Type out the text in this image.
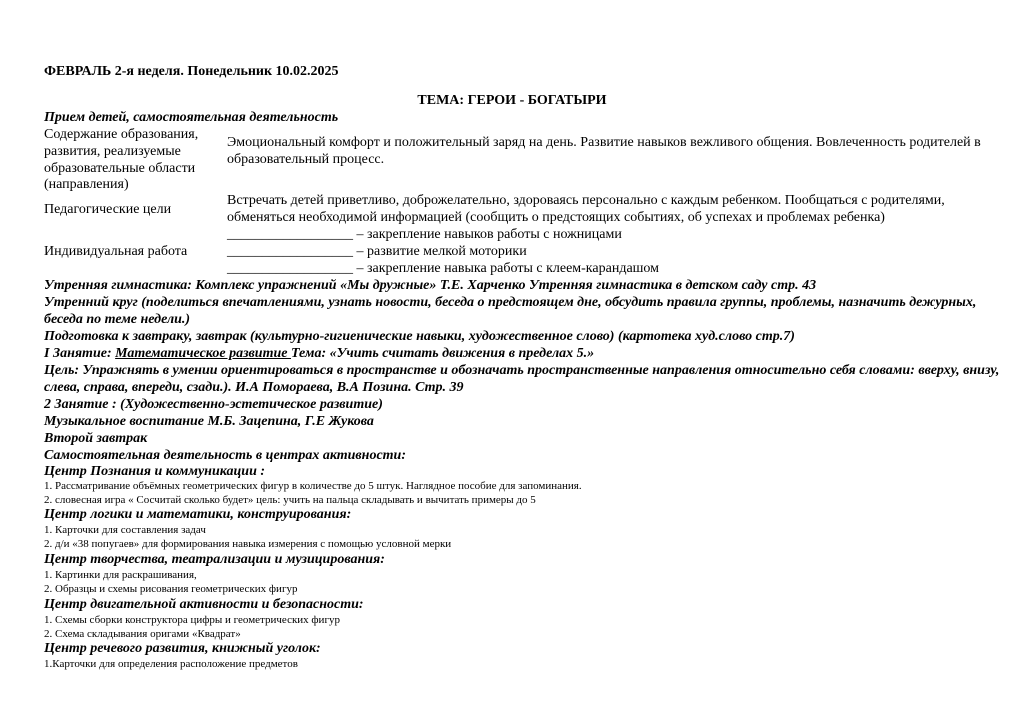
ФЕВРАЛЬ 2-я неделя. Понедельник 10.02.2025
ТЕМА: ГЕРОИ - БОГАТЫРИ
Прием детей, самостоятельная деятельность
Содержание образования, развития, реализуемые образовательные области (направления)
Эмоциональный комфорт и положительный заряд на день. Развитие навыков вежливого общения. Вовлеченность родителей в образовательный процесс.
Педагогические цели
Встречать детей приветливо, доброжелательно, здороваясь персонально с каждым ребенком. Пообщаться с родителями, обменяться необходимой информацией (сообщить о предстоящих событиях, об успехах и проблемах ребенка)
Индивидуальная работа
__________________ – закрепление навыков работы с ножницами
__________________ – развитие мелкой моторики
__________________ – закрепление навыка работы с клеем-карандашом
Утренняя гимнастика: Комплекс упражнений «Мы дружные» Т.Е. Харченко Утренняя гимнастика в детском саду стр. 43
Утренний круг (поделиться впечатлениями, узнать новости, беседа о предстоящем дне, обсудить правила группы, проблемы, назначить дежурных, беседа по теме недели.)
Подготовка к завтраку, завтрак (культурно-гигиенические навыки, художественное слово) (картотека худ.слово стр.7)
I Занятие: Математическое развитие Тема: «Учить считать движения в пределах 5.»
Цель: Упражнять в умении ориентироваться в пространстве и обозначать пространственные направления относительно себя словами: вверху, внизу, слева, справа, впереди, сзади.). И.А Помораева, В.А Позина. Стр. 39
2 Занятие : (Художественно-эстетическое развитие)
Музыкальное воспитание М.Б. Зацепина, Г.Е Жукова
Второй завтрак
Самостоятельная деятельность в центрах активности:
Центр Познания и коммуникации :
1. Рассматривание объёмных геометрических фигур в количестве до 5 штук. Наглядное пособие для запоминания.
2. словесная игра « Сосчитай сколько будет» цель: учить на пальца складывать и вычитать примеры до 5
Центр логики и математики, конструирования:
1. Карточки для составления задач
2. д/и «38 попугаев» для формирования навыка измерения с помощью условной мерки
Центр творчества, театрализации и музицирования:
1. Картинки для раскрашивания,
2. Образцы и схемы рисования геометрических фигур
Центр двигательной активности и безопасности:
1. Схемы сборки конструктора цифры и геометрических фигур
2. Схема складывания оригами «Квадрат»
Центр речевого развития, книжный уголок:
1.Карточки для определения расположение предметов
